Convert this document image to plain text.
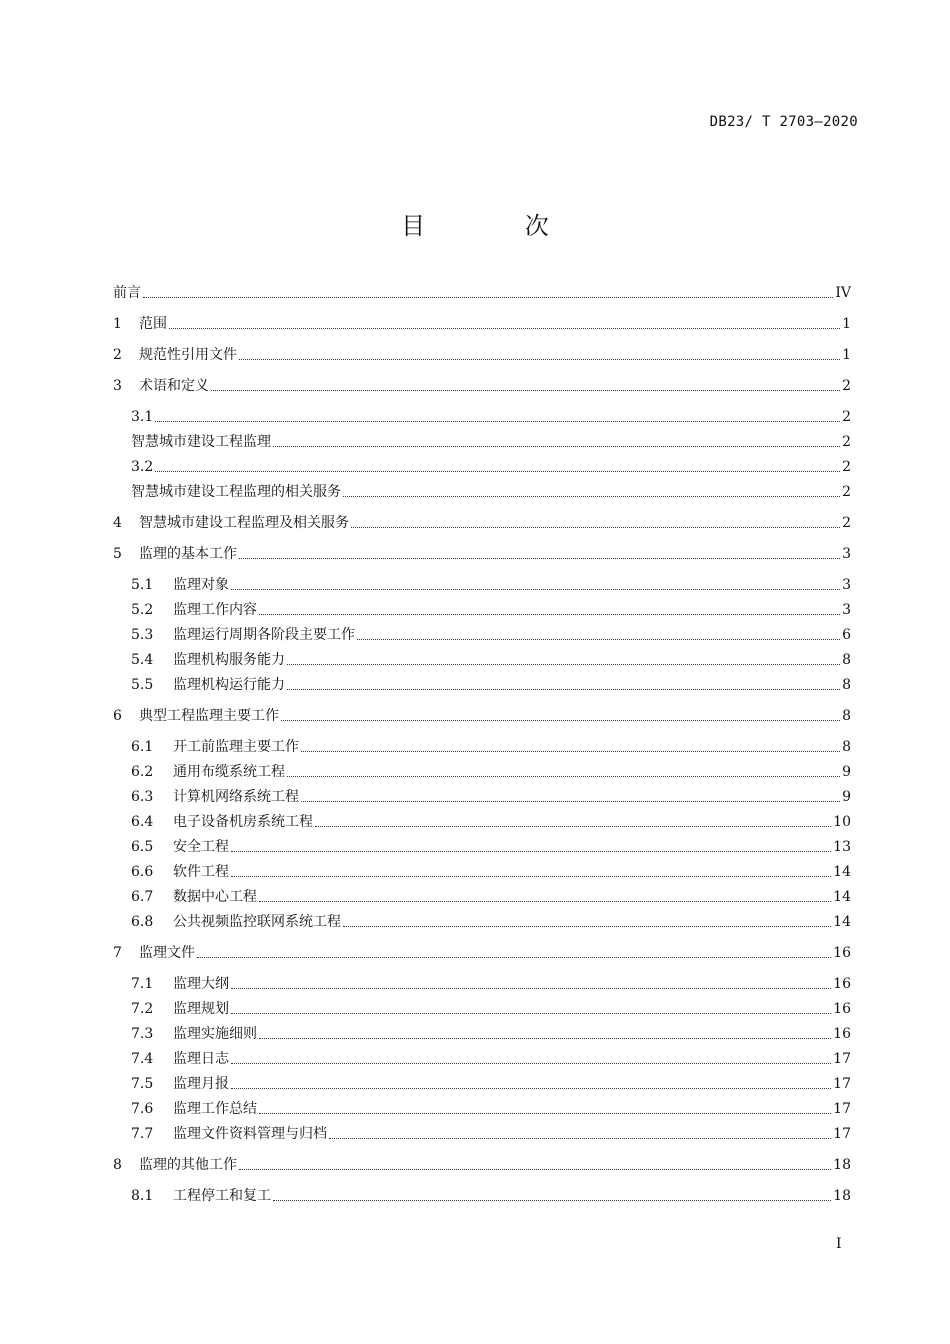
DB23/ T 2703—2020
目 次
前言	IV
1	范围	1
2	规范性引用文件	1
3	术语和定义	2
3.1	2
智慧城市建设工程监理	2
3.2	2
智慧城市建设工程监理的相关服务	2
4	智慧城市建设工程监理及相关服务	2
5	监理的基本工作	3
5.1	监理对象	3
5.2	监理工作内容	3
5.3	监理运行周期各阶段主要工作	6
5.4	监理机构服务能力	8
5.5	监理机构运行能力	8
6	典型工程监理主要工作	8
6.1	开工前监理主要工作	8
6.2	通用布缆系统工程	9
6.3	计算机网络系统工程	9
6.4	电子设备机房系统工程	10
6.5	安全工程	13
6.6	软件工程	14
6.7	数据中心工程	14
6.8	公共视频监控联网系统工程	14
7	监理文件	16
7.1	监理大纲	16
7.2	监理规划	16
7.3	监理实施细则	16
7.4	监理日志	17
7.5	监理月报	17
7.6	监理工作总结	17
7.7	监理文件资料管理与归档	17
8	监理的其他工作	18
8.1	工程停工和复工	18
I
